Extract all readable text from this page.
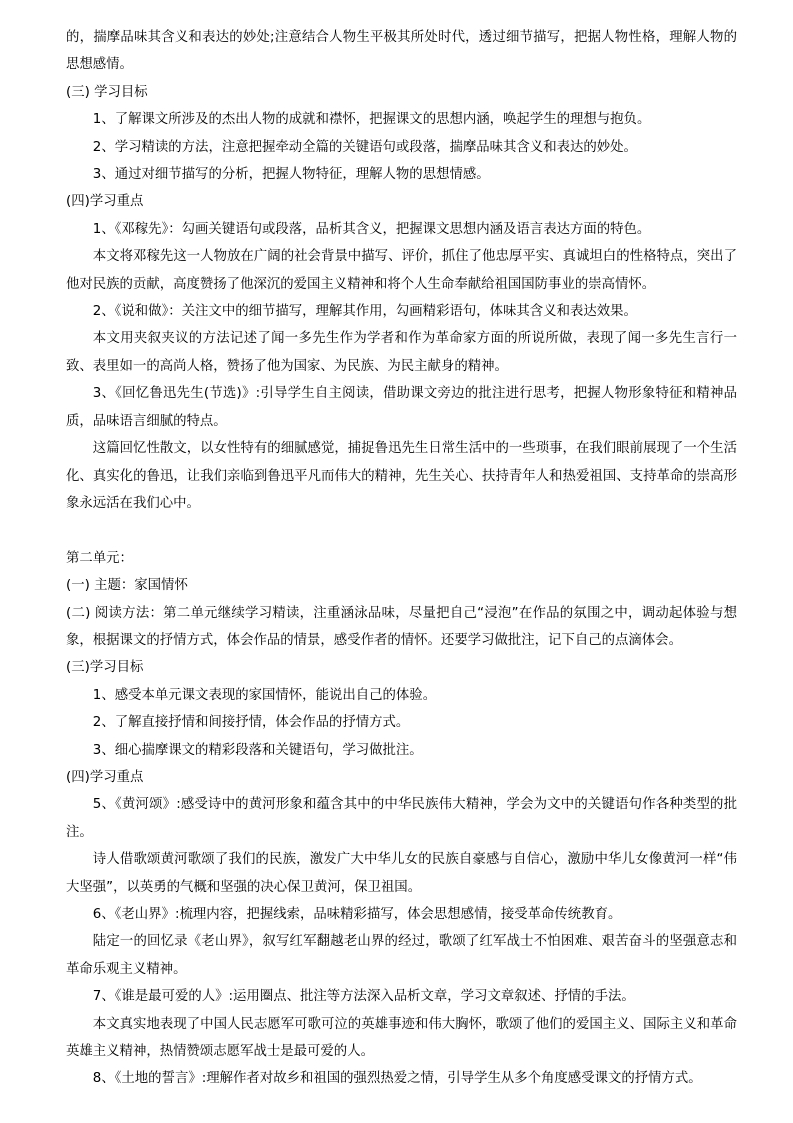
的，揣摩品味其含义和表达的妙处;注意结合人物生平极其所处时代，透过细节描写，把据人物性格，理解人物的思想感情。

(三) 学习目标

1、了解课文所涉及的杰出人物的成就和襟怀，把握课文的思想内涵，唤起学生的理想与抱负。

2、学习精读的方法，注意把握牵动全篇的关键语句或段落，揣摩品味其含义和表达的妙处。

3、通过对细节描写的分析，把握人物特征，理解人物的思想情感。

(四)学习重点

1、《邓稼先》：勾画关键语句或段落，品析其含义，把握课文思想内涵及语言表达方面的特色。

本文将邓稼先这一人物放在广阔的社会背景中描写、评价，抓住了他忠厚平实、真诚坦白的性格特点，突出了他对民族的贡献，高度赞扬了他深沉的爱国主义精神和将个人生命奉献给祖国国防事业的崇高情怀。

2、《说和做》：关注文中的细节描写，理解其作用，勾画精彩语句，体味其含义和表达效果。

本文用夹叙夹议的方法记述了闻一多先生作为学者和作为革命家方面的所说所做，表现了闻一多先生言行一致、表里如一的高尚人格，赞扬了他为国家、为民族、为民主献身的精神。

3、《回忆鲁迅先生(节选)》:引导学生自主阅读，借助课文旁边的批注进行思考，把握人物形象特征和精神品质，品味语言细腻的特点。

这篇回忆性散文，以女性特有的细腻感觉，捕捉鲁迅先生日常生活中的一些琐事，在我们眼前展现了一个生活化、真实化的鲁迅，让我们亲临到鲁迅平凡而伟大的精神，先生关心、扶持青年人和热爱祖国、支持革命的崇高形象永远活在我们心中。

第二单元：

(一) 主题：家国情怀

(二) 阅读方法：第二单元继续学习精读，注重涵泳品味，尽量把自己“浸泡”在作品的氛围之中，调动起体验与想象，根据课文的抒情方式，体会作品的情景，感受作者的情怀。还要学习做批注，记下自己的点滴体会。

(三)学习目标

1、感受本单元课文表现的家国情怀，能说出自己的体验。

2、了解直接抒情和间接抒情，体会作品的抒情方式。

3、细心揣摩课文的精彩段落和关键语句，学习做批注。

(四)学习重点

5、《黄河颂》:感受诗中的黄河形象和蕴含其中的中华民族伟大精神，学会为文中的关键语句作各种类型的批注。

诗人借歌颂黄河歌颂了我们的民族，激发广大中华儿女的民族自豪感与自信心，激励中华儿女像黄河一样“伟大坚强”，以英勇的气概和坚强的决心保卫黄河，保卫祖国。

6、《老山界》:梳理内容，把握线索，品味精彩描写，体会思想感情，接受革命传统教育。

陆定一的回忆录《老山界》，叙写红军翻越老山界的经过，歌颂了红军战士不怕困难、艰苦奋斗的坚强意志和革命乐观主义精神。

7、《谁是最可爱的人》:运用圈点、批注等方法深入品析文章，学习文章叙述、抒情的手法。

本文真实地表现了中国人民志愿军可歌可泣的英雄事迹和伟大胸怀，歌颂了他们的爱国主义、国际主义和革命英雄主义精神，热情赞颂志愿军战士是最可爱的人。

8、《土地的誓言》:理解作者对故乡和祖国的强烈热爱之情，引导学生从多个角度感受课文的抒情方式。
